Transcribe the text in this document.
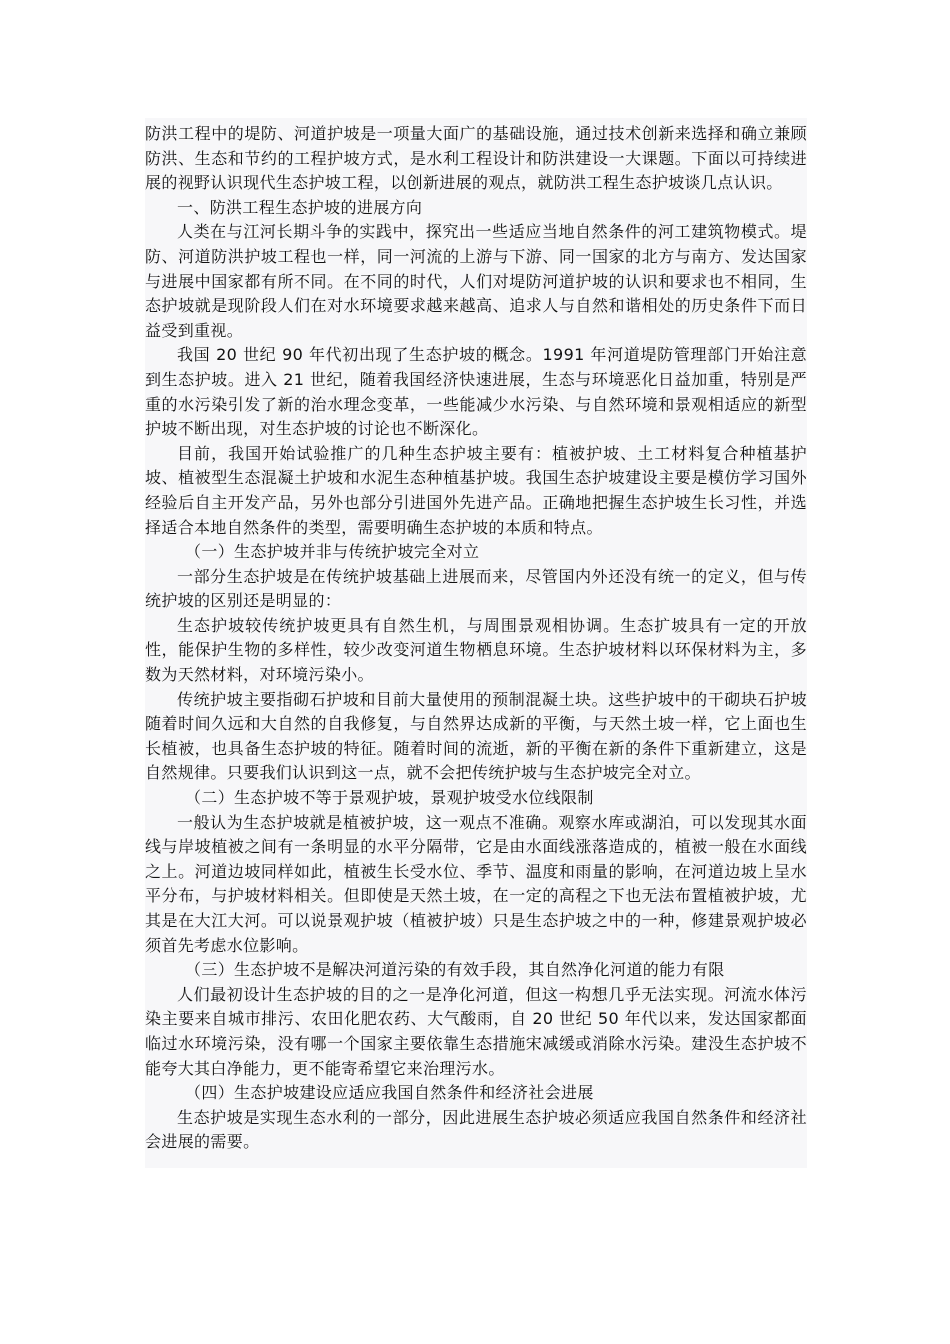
防洪工程中的堤防、河道护坡是一项量大面广的基础设施，通过技术创新来选择和确立兼顾防洪、生态和节约的工程护坡方式，是水利工程设计和防洪建设一大课题。下面以可持续进展的视野认识现代生态护坡工程，以创新进展的观点，就防洪工程生态护坡谈几点认识。

一、防洪工程生态护坡的进展方向

人类在与江河长期斗争的实践中，探究出一些适应当地自然条件的河工建筑物模式。堤防、河道防洪护坡工程也一样，同一河流的上游与下游、同一国家的北方与南方、发达国家与进展中国家都有所不同。在不同的时代，人们对堤防河道护坡的认识和要求也不相同，生态护坡就是现阶段人们在对水环境要求越来越高、追求人与自然和谐相处的历史条件下而日益受到重视。

我国 20 世纪 90 年代初出现了生态护坡的概念。1991 年河道堤防管理部门开始注意到生态护坡。进入 21 世纪，随着我国经济快速进展，生态与环境恶化日益加重，特别是严重的水污染引发了新的治水理念变革，一些能减少水污染、与自然环境和景观相适应的新型护坡不断出现，对生态护坡的讨论也不断深化。

目前，我国开始试验推广的几种生态护坡主要有：植被护坡、土工材料复合种植基护坡、植被型生态混凝土护坡和水泥生态种植基护坡。我国生态护坡建设主要是模仿学习国外经验后自主开发产品，另外也部分引进国外先进产品。正确地把握生态护坡生长习性，并选择适合本地自然条件的类型，需要明确生态护坡的本质和特点。

（一）生态护坡并非与传统护坡完全对立

一部分生态护坡是在传统护坡基础上进展而来，尽管国内外还没有统一的定义，但与传统护坡的区别还是明显的：

生态护坡较传统护坡更具有自然生机，与周围景观相协调。生态扩坡具有一定的开放性，能保护生物的多样性，较少改变河道生物栖息环境。生态护坡材料以环保材料为主，多数为天然材料，对环境污染小。

传统护坡主要指砌石护坡和目前大量使用的预制混凝土块。这些护坡中的干砌块石护坡随着时间久远和大自然的自我修复，与自然界达成新的平衡，与天然土坡一样，它上面也生长植被，也具备生态护坡的特征。随着时间的流逝，新的平衡在新的条件下重新建立，这是自然规律。只要我们认识到这一点，就不会把传统护坡与生态护坡完全对立。

（二）生态护坡不等于景观护坡，景观护坡受水位线限制

一般认为生态护坡就是植被护坡，这一观点不准确。观察水库或湖泊，可以发现其水面线与岸坡植被之间有一条明显的水平分隔带，它是由水面线涨落造成的，植被一般在水面线之上。河道边坡同样如此，植被生长受水位、季节、温度和雨量的影响，在河道边坡上呈水平分布，与护坡材料相关。但即使是天然土坡，在一定的高程之下也无法布置植被护坡，尤其是在大江大河。可以说景观护坡（植被护坡）只是生态护坡之中的一种，修建景观护坡必须首先考虑水位影响。

（三）生态护坡不是解决河道污染的有效手段，其自然净化河道的能力有限

人们最初设计生态护坡的目的之一是净化河道，但这一构想几乎无法实现。河流水体污染主要来自城市排污、农田化肥农药、大气酸雨，自 20 世纪 50 年代以来，发达国家都面临过水环境污染，没有哪一个国家主要依靠生态措施宋减缓或消除水污染。建没生态护坡不能夸大其白净能力，更不能寄希望它来治理污水。

（四）生态护坡建设应适应我国自然条件和经济社会进展

生态护坡是实现生态水利的一部分，因此进展生态护坡必须适应我国自然条件和经济社会进展的需要。
